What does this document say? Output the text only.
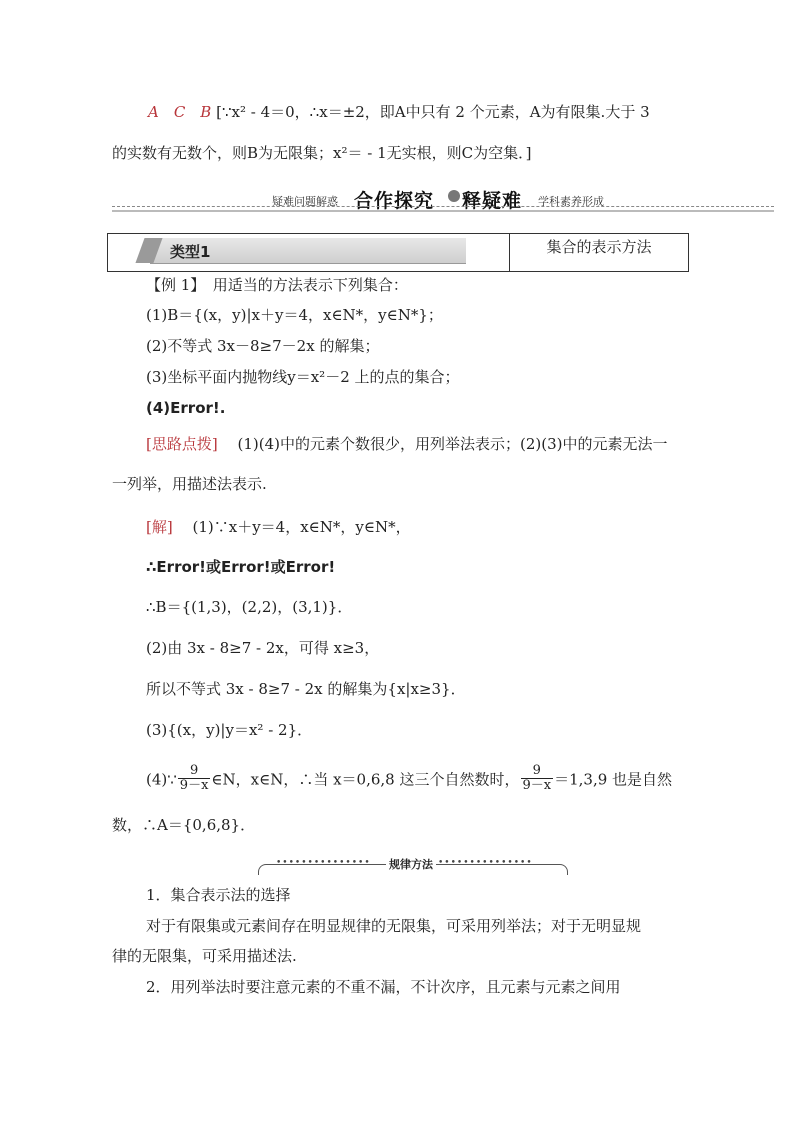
A　C　B [∵x² - 4＝0，∴x＝±2，即A中只有 2 个元素，A为有限集.大于 3
的实数有无数个，则B为无限集；x²＝ - 1无实根，则C为空集．]
疑难问题解惑 合作探究 释疑难 学科素养形成
类型1	集合的表示方法
【例 1】　用适当的方法表示下列集合：
(1)B＝{(x，y)|x＋y＝4，x∈N*，y∈N*}；
(2)不等式 3x－8≥7－2x 的解集；
(3)坐标平面内抛物线y＝x²－2 上的点的集合；
(4)Error!.
[思路点拨] 　(1)(4)中的元素个数很少，用列举法表示；(2)(3)中的元素无法一
一列举，用描述法表示.
[解] 　(1)∵x＋y＝4，x∈N*，y∈N*，
∴Error!或Error!或Error!
∴B＝{(1,3)，(2,2)，(3,1)}．
(2)由 3x - 8≥7 - 2x，可得 x≥3，
所以不等式 3x - 8≥7 - 2x 的解集为{x|x≥3}．
(3){(x，y)|y＝x² - 2}．
(4)∵ $\frac{9}{9-x}$ ∈N，x∈N，∴当 x＝0,6,8 这三个自然数时， $\frac{9}{9-x} =1,3,9$ 也是自然
数，∴A＝{0,6,8}．
••••••••••••••• 规律方法 •••••••••••••••
1．集合表示法的选择
对于有限集或元素间存在明显规律的无限集，可采用列举法；对于无明显规
律的无限集，可采用描述法.
2．用列举法时要注意元素的不重不漏，不计次序，且元素与元素之间用
